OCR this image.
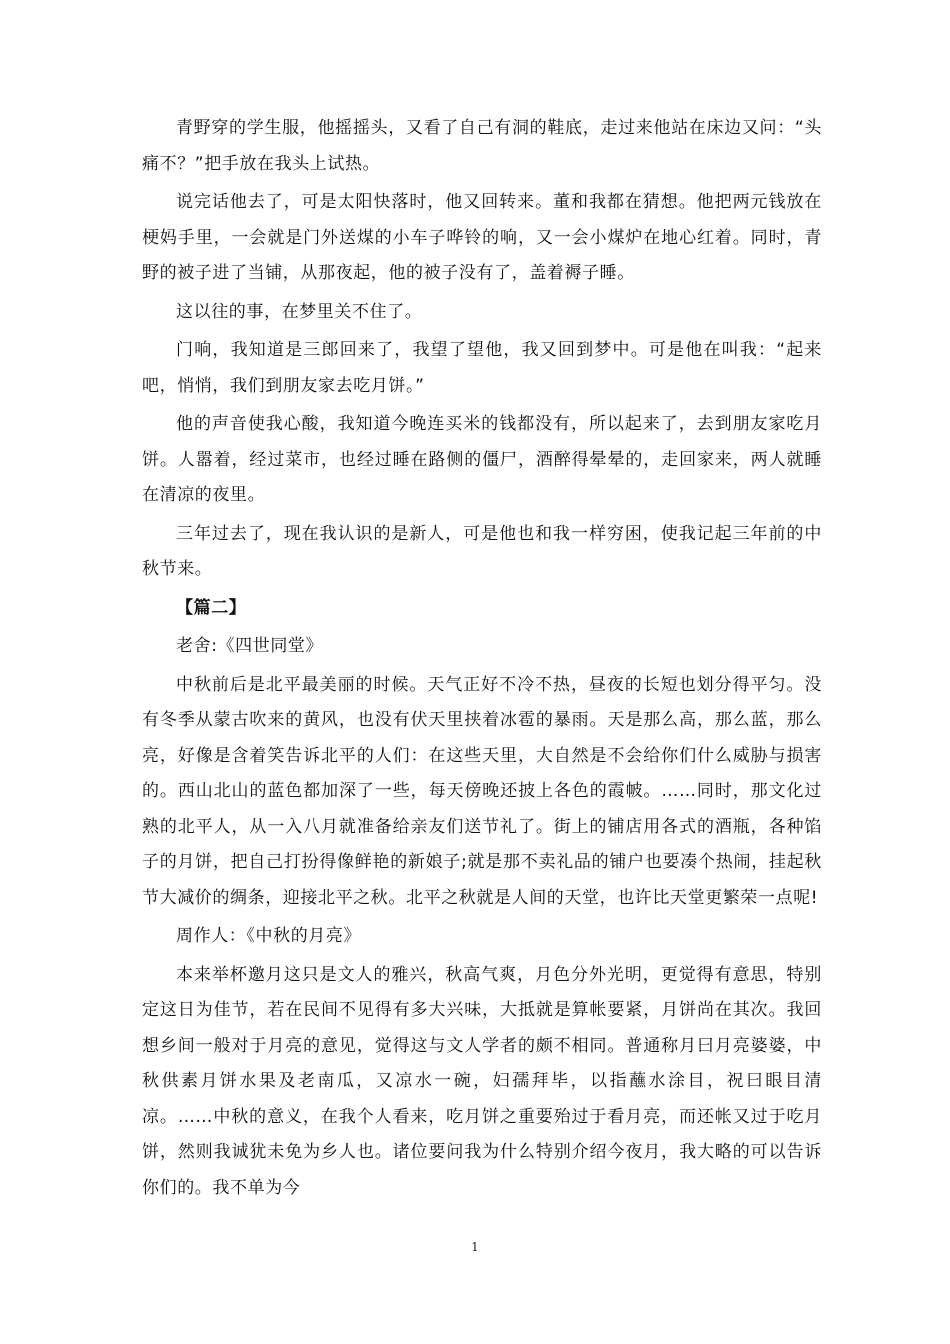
青野穿的学生服，他摇摇头，又看了自己有洞的鞋底，走过来他站在床边又问：“头痛不？”把手放在我头上试热。

说完话他去了，可是太阳快落时，他又回转来。董和我都在猜想。他把两元钱放在梗妈手里，一会就是门外送煤的小车子哗铃的响，又一会小煤炉在地心红着。同时，青野的被子进了当铺，从那夜起，他的被子没有了，盖着褥子睡。

这以往的事，在梦里关不住了。

门响，我知道是三郎回来了，我望了望他，我又回到梦中。可是他在叫我：“起来吧，悄悄，我们到朋友家去吃月饼。”

他的声音使我心酸，我知道今晚连买米的钱都没有，所以起来了，去到朋友家吃月饼。人嚣着，经过菜市，也经过睡在路侧的僵尸，酒醉得晕晕的，走回家来，两人就睡在清凉的夜里。

三年过去了，现在我认识的是新人，可是他也和我一样穷困，使我记起三年前的中秋节来。

【篇二】

老舍:《四世同堂》

中秋前后是北平最美丽的时候。天气正好不冷不热，昼夜的长短也划分得平匀。没有冬季从蒙古吹来的黄风，也没有伏天里挟着冰雹的暴雨。天是那么高，那么蓝，那么亮，好像是含着笑告诉北平的人们：在这些天里，大自然是不会给你们什么威胁与损害的。西山北山的蓝色都加深了一些，每天傍晚还披上各色的霞帔。……同时，那文化过熟的北平人，从一入八月就准备给亲友们送节礼了。街上的铺店用各式的酒瓶，各种馅子的月饼，把自己打扮得像鲜艳的新娘子;就是那不卖礼品的铺户也要凑个热闹，挂起秋节大减价的绸条，迎接北平之秋。北平之秋就是人间的天堂，也许比天堂更繁荣一点呢!

周作人：《中秋的月亮》

本来举杯邀月这只是文人的雅兴，秋高气爽，月色分外光明，更觉得有意思，特别定这日为佳节，若在民间不见得有多大兴味，大抵就是算帐要紧，月饼尚在其次。我回想乡间一般对于月亮的意见，觉得这与文人学者的颇不相同。普通称月曰月亮婆婆，中秋供素月饼水果及老南瓜，又凉水一碗，妇孺拜毕，以指蘸水涂目，祝曰眼目清凉。……中秋的意义，在我个人看来，吃月饼之重要殆过于看月亮，而还帐又过于吃月饼，然则我诚犹未免为乡人也。诸位要问我为什么特别介绍今夜月，我大略的可以告诉你们的。我不单为今

1
